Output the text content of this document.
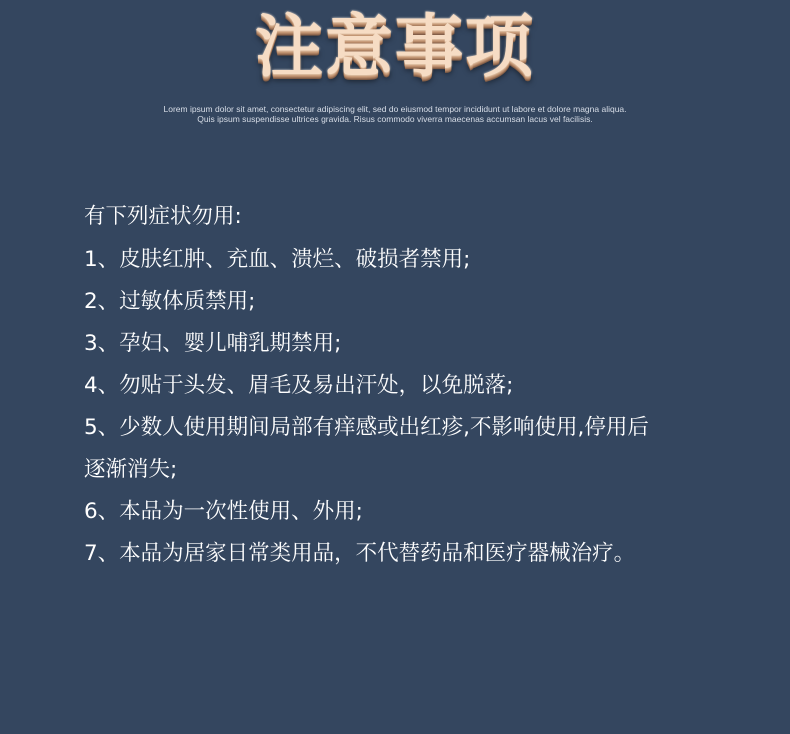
注意事项
Lorem ipsum dolor sit amet, consectetur adipiscing elit, sed do eiusmod tempor incididunt ut labore et dolore magna aliqua.
Quis ipsum suspendisse ultrices gravida. Risus commodo viverra maecenas accumsan lacus vel facilisis.
有下列症状勿用:
1、皮肤红肿、充血、溃烂、破损者禁用;
2、过敏体质禁用;
3、孕妇、婴儿哺乳期禁用;
4、勿贴于头发、眉毛及易出汗处，以免脱落;
5、少数人使用期间局部有痒感或出红疹,不影响使用,停用后
逐渐消失;
6、本品为一次性使用、外用;
7、本品为居家日常类用品，不代替药品和医疗器械治疗。
